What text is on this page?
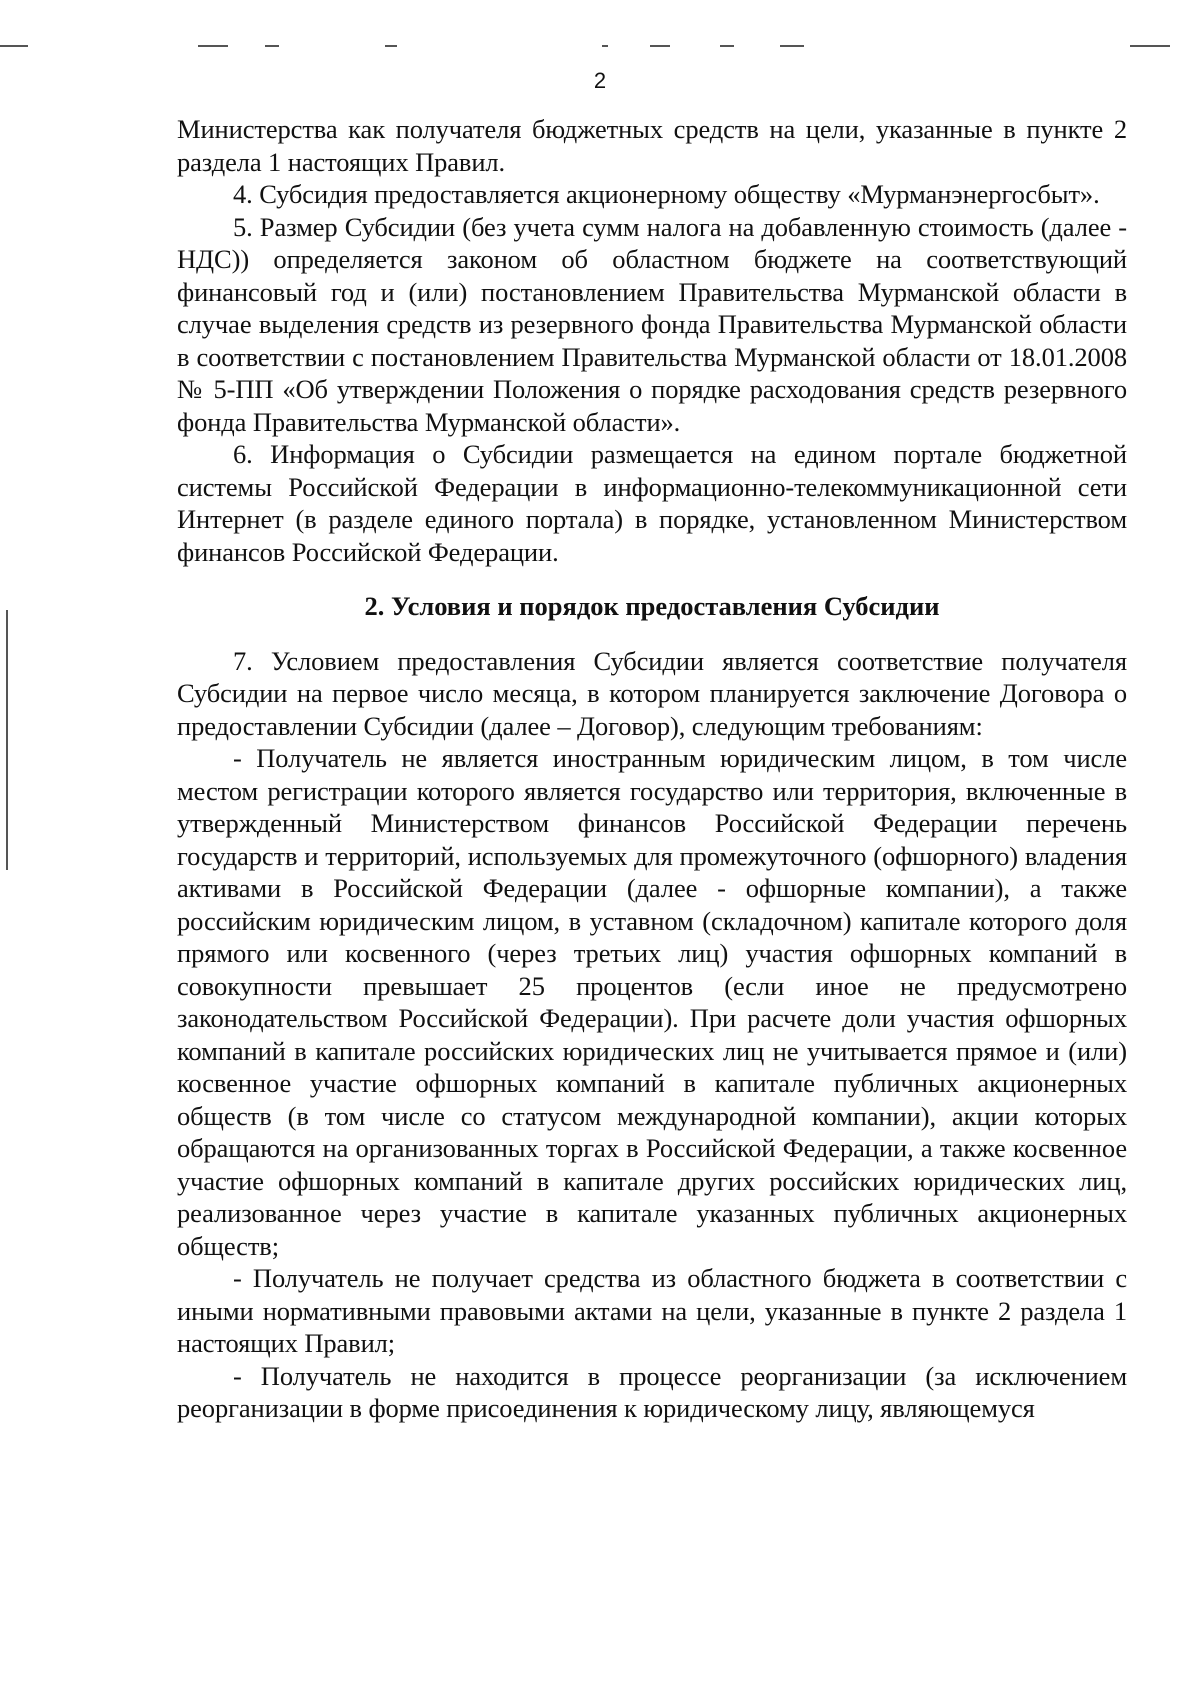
2

Министерства как получателя бюджетных средств на цели, указанные в пункте 2 раздела 1 настоящих Правил.

4. Субсидия предоставляется акционерному обществу «Мурманэнергосбыт».

5. Размер Субсидии (без учета сумм налога на добавленную стоимость (далее - НДС)) определяется законом об областном бюджете на соответствующий финансовый год и (или) постановлением Правительства Мурманской области в случае выделения средств из резервного фонда Правительства Мурманской области в соответствии с постановлением Правительства Мурманской области от 18.01.2008 № 5-ПП «Об утверждении Положения о порядке расходования средств резервного фонда Правительства Мурманской области».

6. Информация о Субсидии размещается на едином портале бюджетной системы Российской Федерации в информационно-телекоммуникационной сети Интернет (в разделе единого портала) в порядке, установленном Министерством финансов Российской Федерации.

2. Условия и порядок предоставления Субсидии

7. Условием предоставления Субсидии является соответствие получателя Субсидии на первое число месяца, в котором планируется заключение Договора о предоставлении Субсидии (далее – Договор), следующим требованиям:

- Получатель не является иностранным юридическим лицом, в том числе местом регистрации которого является государство или территория, включенные в утвержденный Министерством финансов Российской Федерации перечень государств и территорий, используемых для промежуточного (офшорного) владения активами в Российской Федерации (далее - офшорные компании), а также российским юридическим лицом, в уставном (складочном) капитале которого доля прямого или косвенного (через третьих лиц) участия офшорных компаний в совокупности превышает 25 процентов (если иное не предусмотрено законодательством Российской Федерации). При расчете доли участия офшорных компаний в капитале российских юридических лиц не учитывается прямое и (или) косвенное участие офшорных компаний в капитале публичных акционерных обществ (в том числе со статусом международной компании), акции которых обращаются на организованных торгах в Российской Федерации, а также косвенное участие офшорных компаний в капитале других российских юридических лиц, реализованное через участие в капитале указанных публичных акционерных обществ;

- Получатель не получает средства из областного бюджета в соответствии с иными нормативными правовыми актами на цели, указанные в пункте 2 раздела 1 настоящих Правил;

- Получатель не находится в процессе реорганизации (за исключением реорганизации в форме присоединения к юридическому лицу, являющемуся
